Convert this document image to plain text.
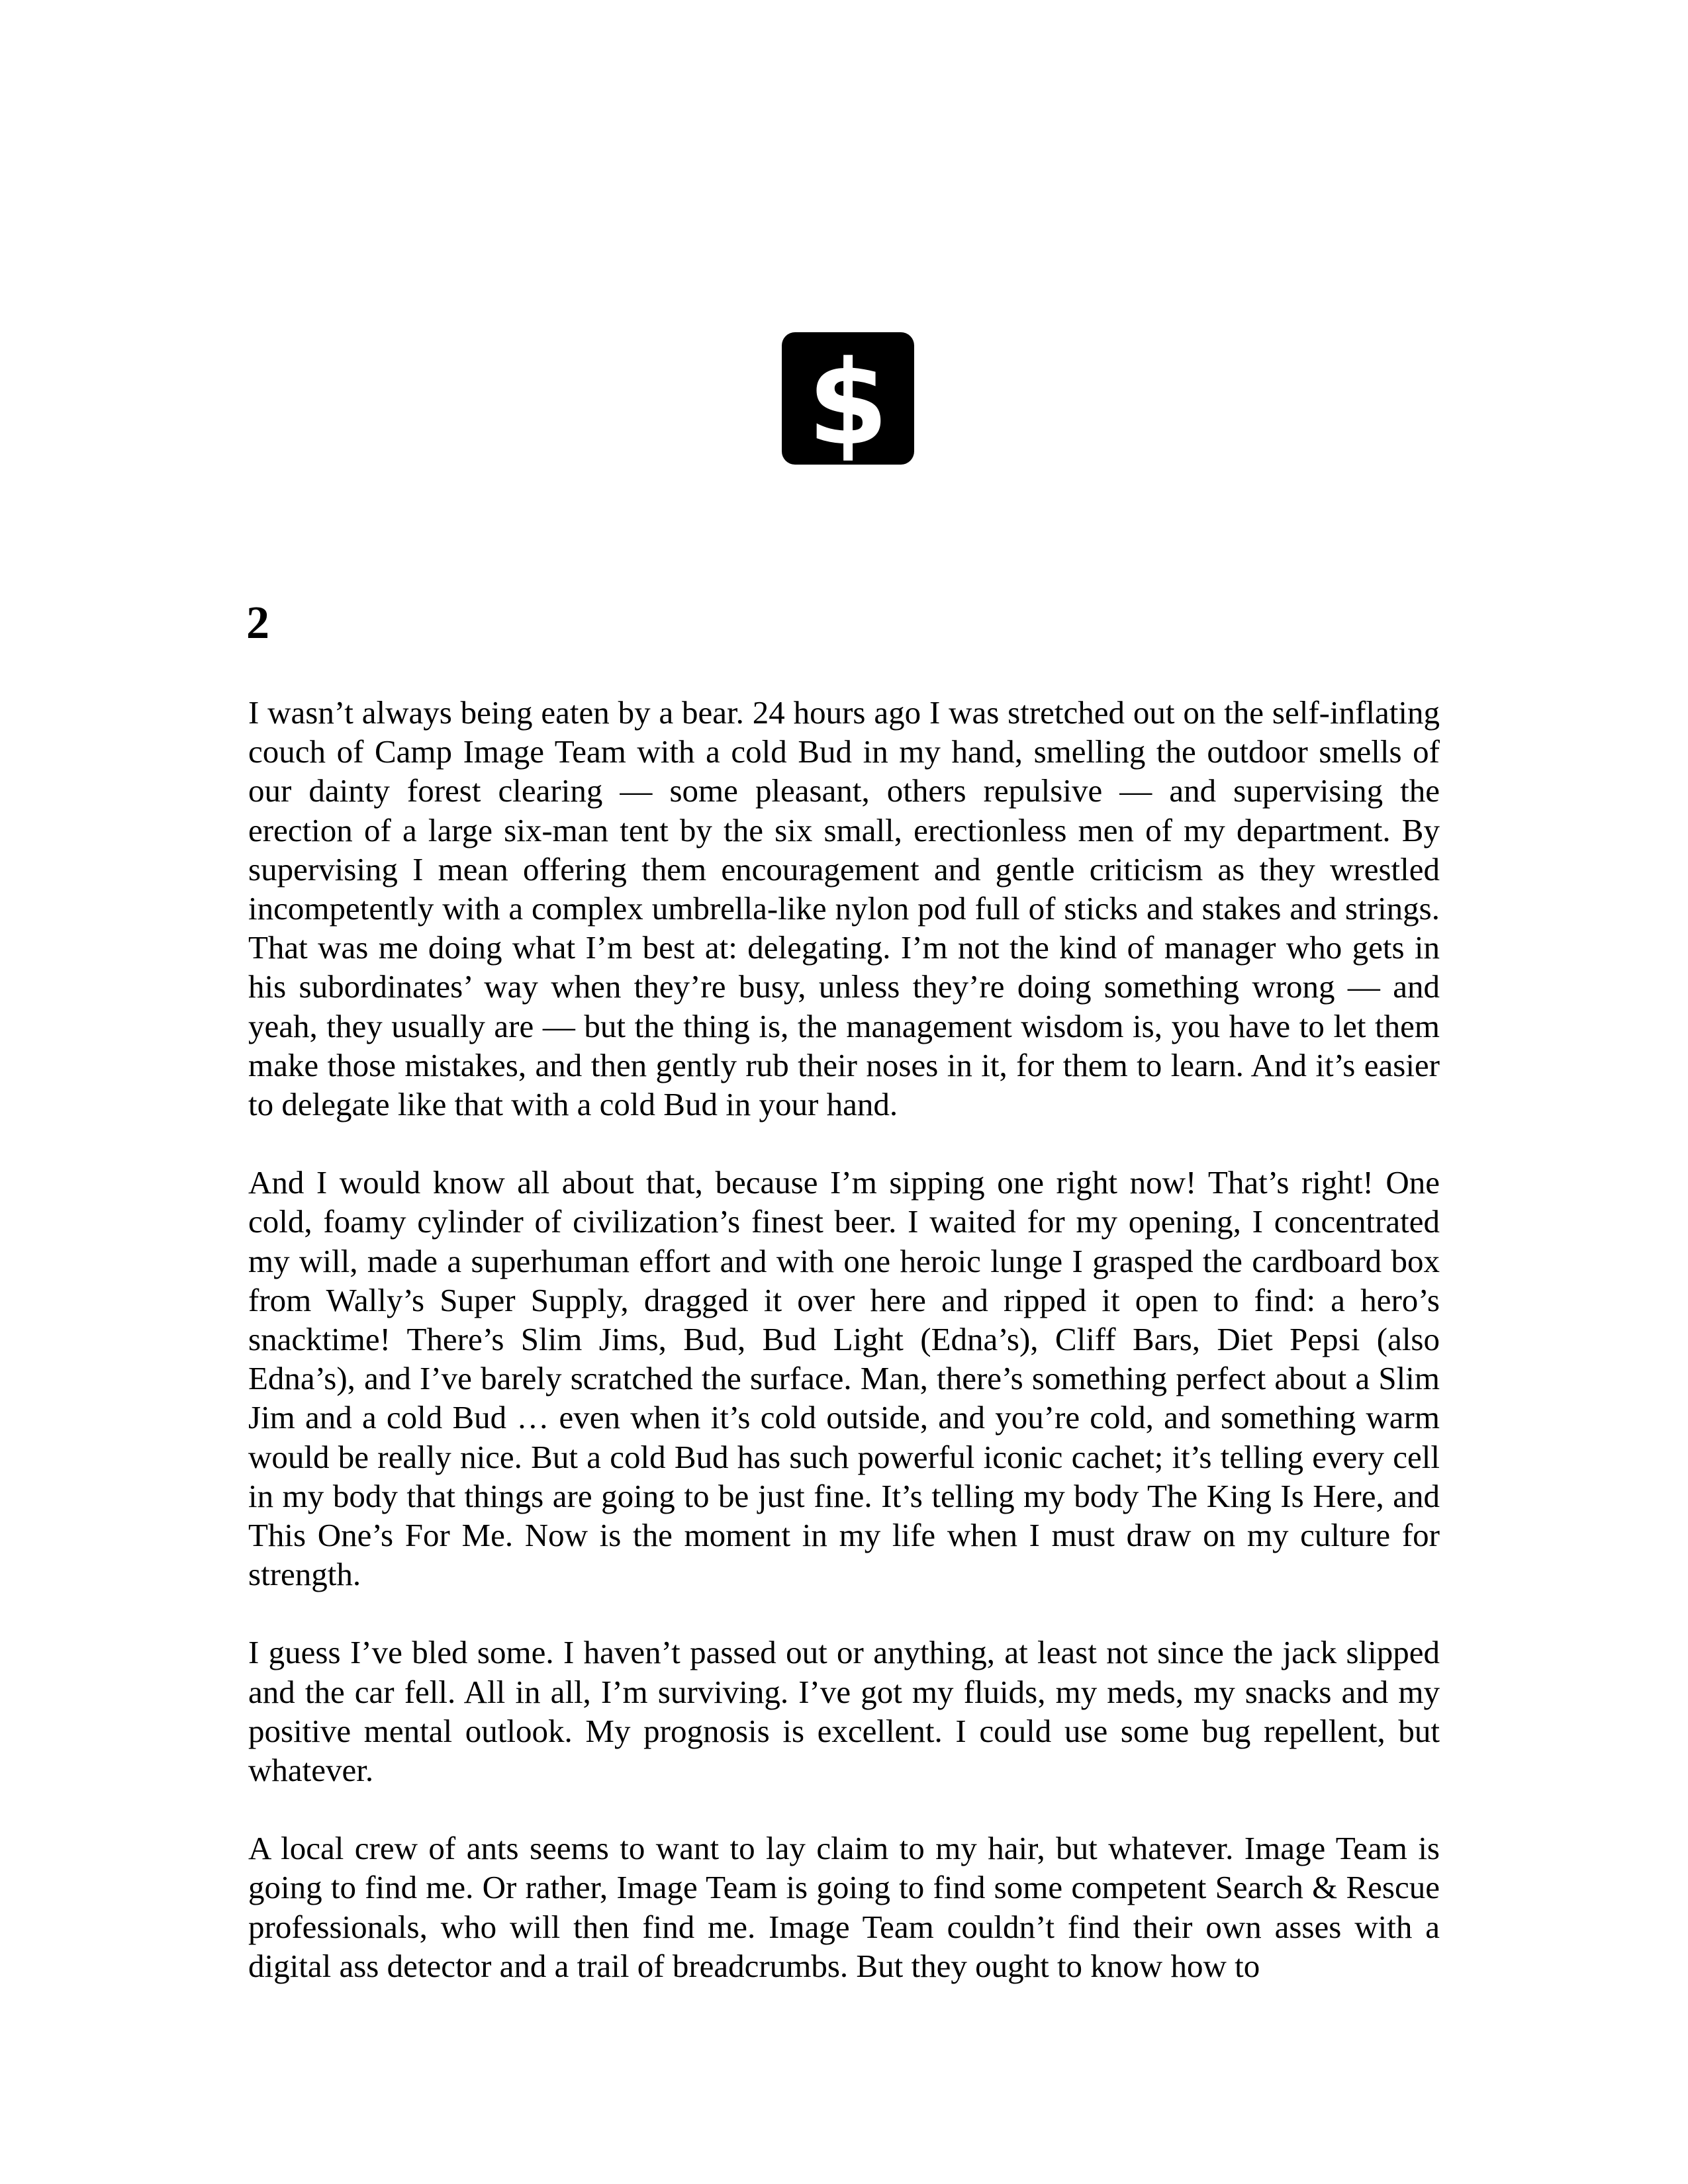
$
2

I wasn’t always being eaten by a bear. 24 hours ago I was stretched out on the self-inflating couch of Camp Image Team with a cold Bud in my hand, smelling the outdoor smells of our dainty forest clearing — some pleasant, others repulsive — and supervising the erection of a large six-man tent by the six small, erectionless men of my department. By supervising I mean offering them encouragement and gentle criticism as they wrestled incompetently with a complex umbrella-like nylon pod full of sticks and stakes and strings. That was me doing what I’m best at: delegating. I’m not the kind of manager who gets in his subordinates’ way when they’re busy, unless they’re doing something wrong — and yeah, they usually are — but the thing is, the management wisdom is, you have to let them make those mistakes, and then gently rub their noses in it, for them to learn. And it’s easier to delegate like that with a cold Bud in your hand.

And I would know all about that, because I’m sipping one right now! That’s right! One cold, foamy cylinder of civilization’s finest beer. I waited for my opening, I concentrated my will, made a superhuman effort and with one heroic lunge I grasped the cardboard box from Wally’s Super Supply, dragged it over here and ripped it open to find: a hero’s snacktime! There’s Slim Jims, Bud, Bud Light (Edna’s), Cliff Bars, Diet Pepsi (also Edna’s), and I’ve barely scratched the surface. Man, there’s something perfect about a Slim Jim and a cold Bud … even when it’s cold outside, and you’re cold, and something warm would be really nice. But a cold Bud has such powerful iconic cachet; it’s telling every cell in my body that things are going to be just fine. It’s telling my body The King Is Here, and This One’s For Me. Now is the moment in my life when I must draw on my culture for strength.

I guess I’ve bled some. I haven’t passed out or anything, at least not since the jack slipped and the car fell. All in all, I’m surviving. I’ve got my fluids, my meds, my snacks and my positive mental outlook. My prognosis is excellent. I could use some bug repellent, but whatever.

A local crew of ants seems to want to lay claim to my hair, but whatever. Image Team is going to find me. Or rather, Image Team is going to find some competent Search & Rescue professionals, who will then find me. Image Team couldn’t find their own asses with a digital ass detector and a trail of breadcrumbs. But they ought to know how to
